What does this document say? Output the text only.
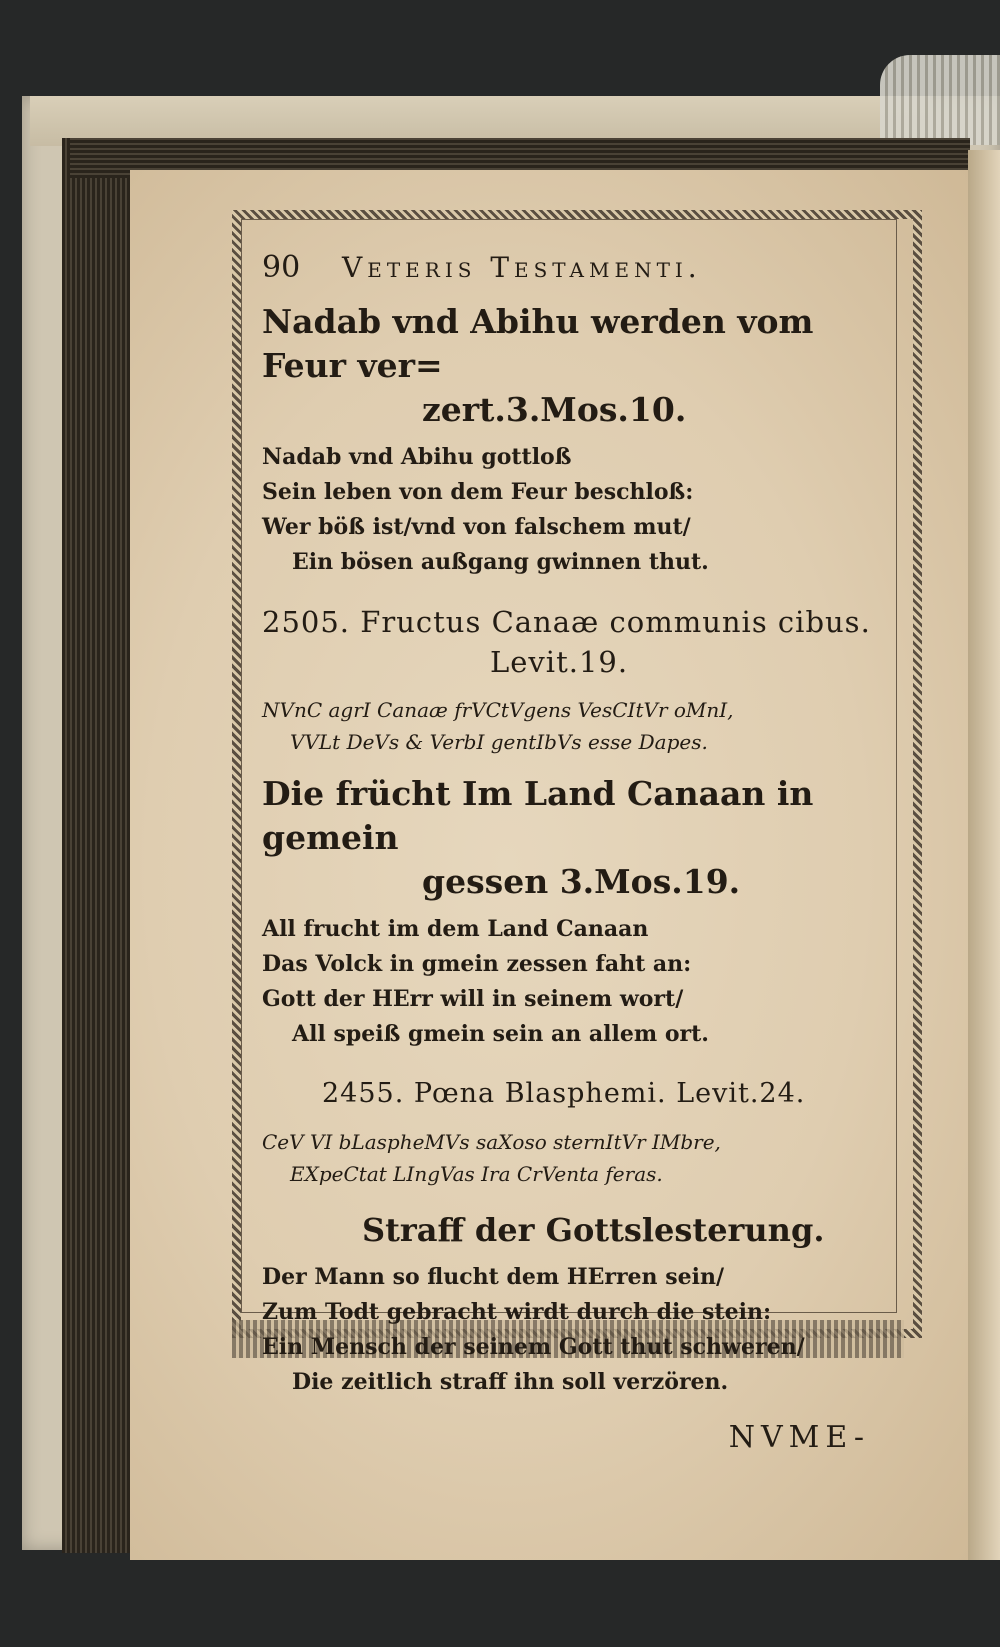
90	Veteris Testamenti.
Nadab vnd Abihu werden vom Feur ver=
zert.3.Mos.10.
Nadab vnd Abihu gottloß
Sein leben von dem Feur beschloß:
Wer böß ist/vnd von falschem mut/
Ein bösen außgang gwinnen thut.
2505. Fructus Canaæ communis cibus.
Levit.19.
NVnC agrI Canaæ frVCtVgens VesCItVr oMnI,
VVLt DeVs & VerbI gentIbVs esse Dapes.
Die frücht Im Land Canaan in gemein
gessen 3.Mos.19.
All frucht im dem Land Canaan
Das Volck in gmein zessen faht an:
Gott der HErr will in seinem wort/
All speiß gmein sein an allem ort.
2455. Pœna Blasphemi. Levit.24.
CeV VI bLasphеMVs saXoso sternItVr IMbre,
EXpeCtat LIngVas Ira CrVenta feras.
Straff der Gottslesterung.
Der Mann so flucht dem HErren sein/
Zum Todt gebracht wirdt durch die stein:
Ein Mensch der seinem Gott thut schweren/
Die zeitlich straff ihn soll verzören.
NVME-
